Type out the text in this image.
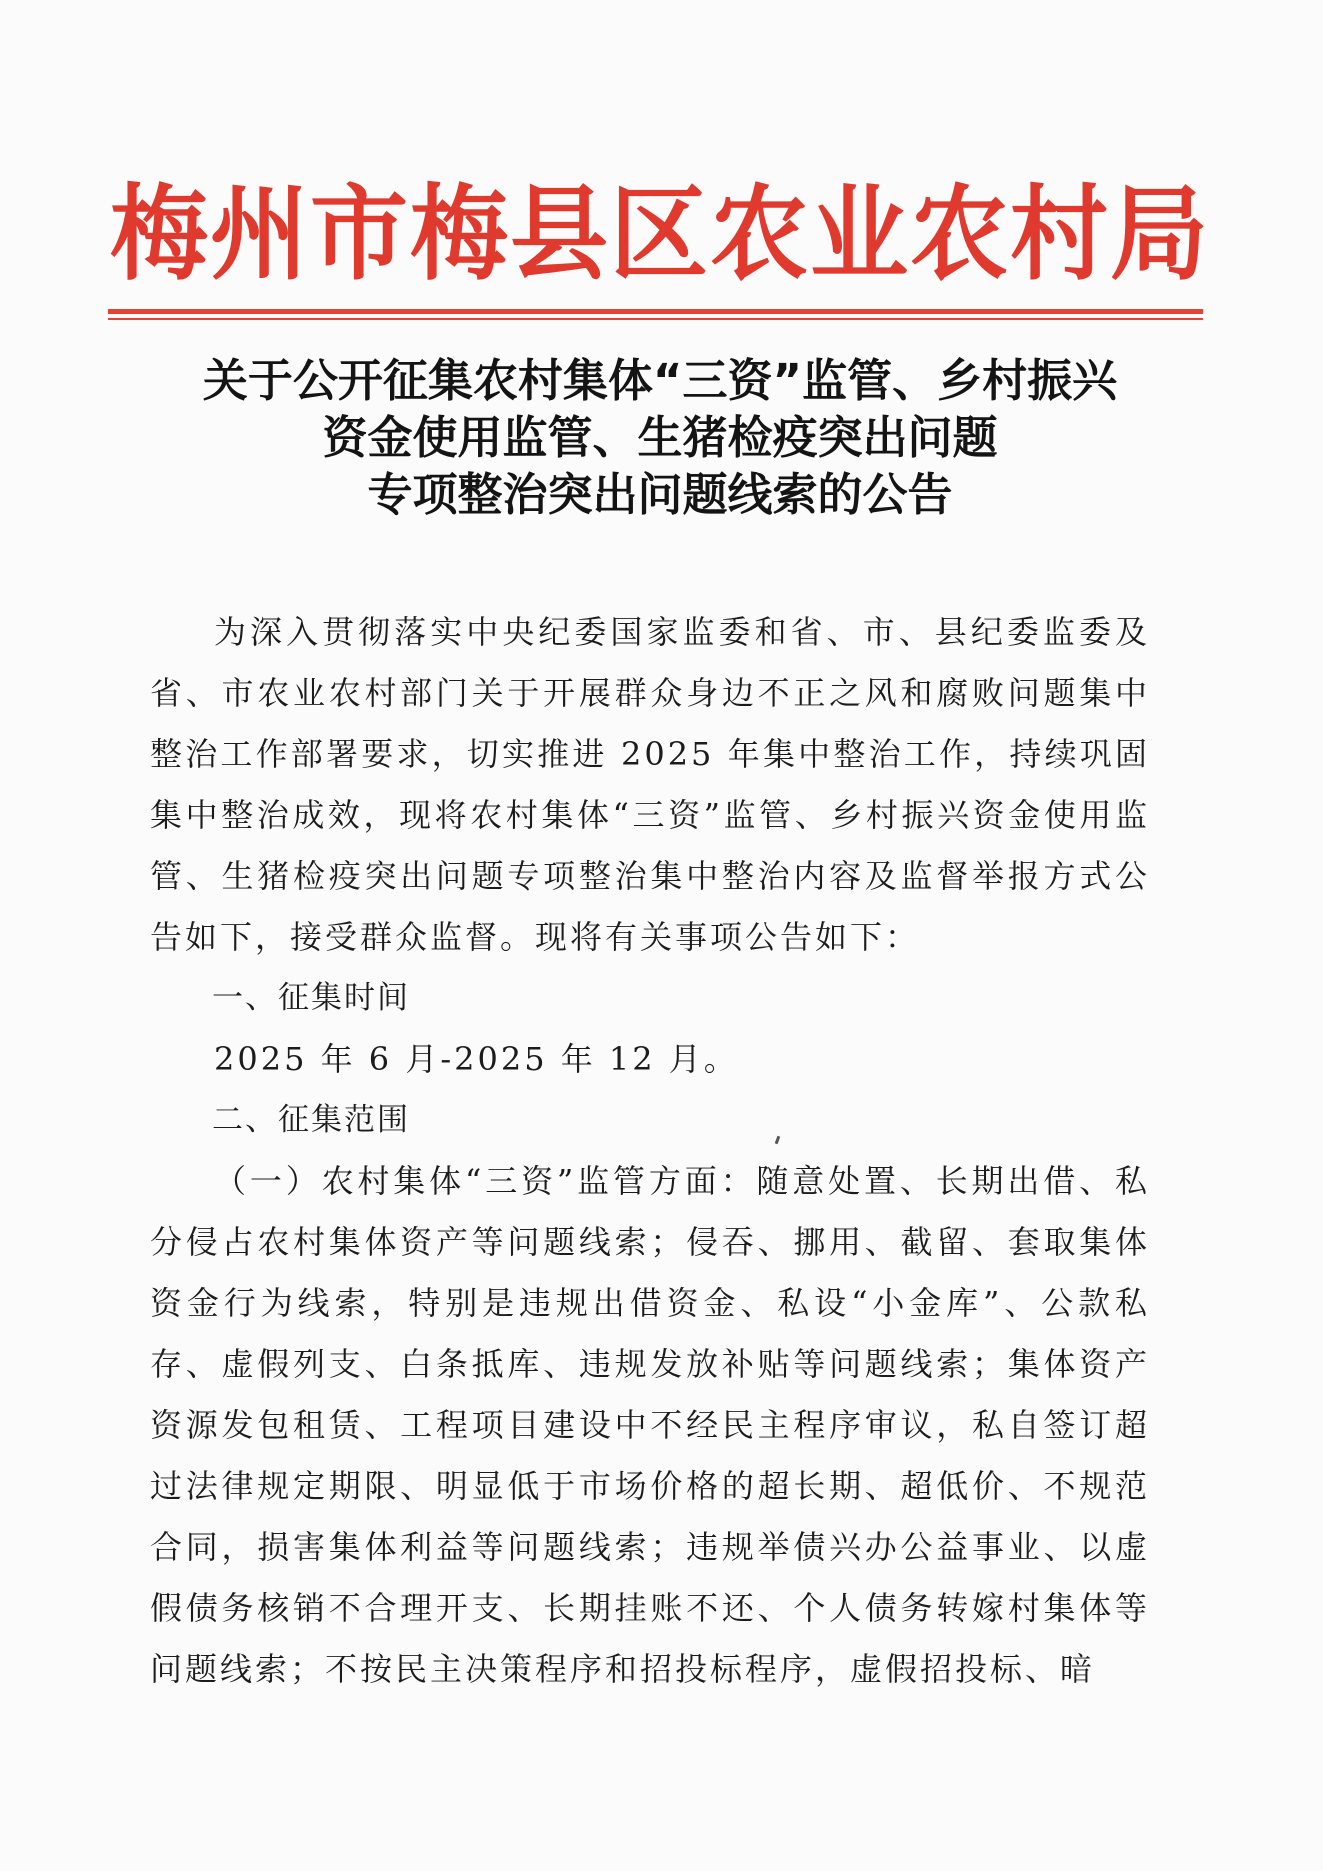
梅州市梅县区农业农村局
关于公开征集农村集体“三资”监管、乡村振兴
资金使用监管、生猪检疫突出问题
专项整治突出问题线索的公告

为深入贯彻落实中央纪委国家监委和省、市、县纪委监委及省、市农业农村部门关于开展群众身边不正之风和腐败问题集中整治工作部署要求，切实推进 2025 年集中整治工作，持续巩固集中整治成效，现将农村集体“三资”监管、乡村振兴资金使用监管、生猪检疫突出问题专项整治集中整治内容及监督举报方式公告如下，接受群众监督。现将有关事项公告如下：

一、征集时间

2025 年 6 月-2025 年 12 月。

二、征集范围

（一）农村集体“三资”监管方面：随意处置、长期出借、私分侵占农村集体资产等问题线索；侵吞、挪用、截留、套取集体资金行为线索，特别是违规出借资金、私设“小金库”、公款私存、虚假列支、白条抵库、违规发放补贴等问题线索；集体资产资源发包租赁、工程项目建设中不经民主程序审议，私自签订超过法律规定期限、明显低于市场价格的超长期、超低价、不规范合同，损害集体利益等问题线索；违规举债兴办公益事业、以虚假债务核销不合理开支、长期挂账不还、个人债务转嫁村集体等问题线索；不按民主决策程序和招投标程序，虚假招投标、暗
